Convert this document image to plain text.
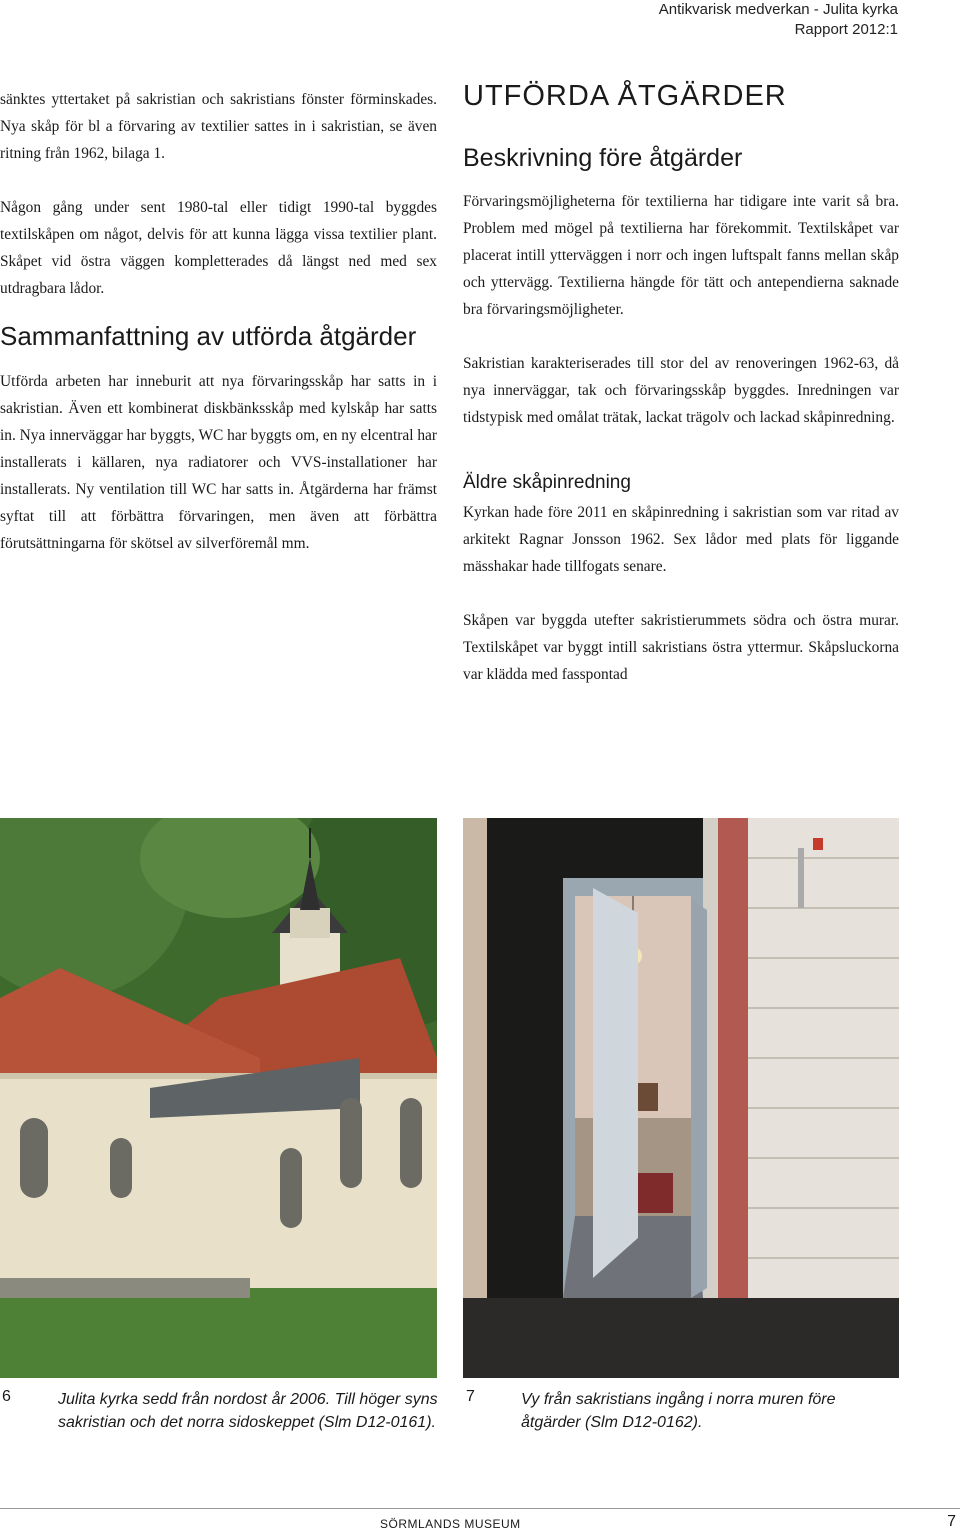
Antikvarisk medverkan - Julita kyrka
Rapport 2012:1

sänktes yttertaket på sakristian och sakristians fönster förminskades. Nya skåp för bl a förvaring av textilier sattes in i sakristian, se även ritning från 1962, bilaga 1.

Någon gång under sent 1980-tal eller tidigt 1990-tal byggdes textilskåpen om något, delvis för att kunna lägga vissa textilier plant. Skåpet vid östra väggen kompletterades då längst ned med sex utdragbara lådor.

Sammanfattning av utförda åtgärder

Utförda arbeten har inneburit att nya förvaringsskåp har satts in i sakristian. Även ett kombinerat diskbänksskåp med kylskåp har satts in. Nya innerväggar har byggts, WC har byggts om, en ny elcentral har installerats i källaren, nya radiatorer och VVS-installationer har installerats. Ny ventilation till WC har satts in. Åtgärderna har främst syftat till att förbättra förvaringen, men även att förbättra förutsättningarna för skötsel av silverföremål mm.

UTFÖRDA ÅTGÄRDER
Beskrivning före åtgärder

Förvaringsmöjligheterna för textilierna har tidigare inte varit så bra. Problem med mögel på textilierna har förekommit. Textilskåpet var placerat intill ytterväggen i norr och ingen luftspalt fanns mellan skåp och yttervägg. Textilierna hängde för tätt och antependierna saknade bra förvaringsmöjligheter.

Sakristian karakteriserades till stor del av renoveringen 1962-63, då nya innerväggar, tak och förvaringsskåp byggdes. Inredningen var tidstypisk med omålat trätak, lackat trägolv och lackad skåpinredning.

Äldre skåpinredning

Kyrkan hade före 2011 en skåpinredning i sakristian som var ritad av arkitekt Ragnar Jonsson 1962. Sex lådor med plats för liggande mässhakar hade tillfogats senare.

Skåpen var byggda utefter sakristierummets södra och östra murar. Textilskåpet var byggt intill sakristians östra yttermur. Skåpsluckorna var klädda med fasspontad

6	Julita kyrka sedd från nordost år 2006. Till höger syns sakristian och det norra sidoskeppet (Slm D12-0161).
7	Vy från sakristians ingång i norra muren före åtgärder (Slm D12-0162).
SÖRMLANDS MUSEUM	7
